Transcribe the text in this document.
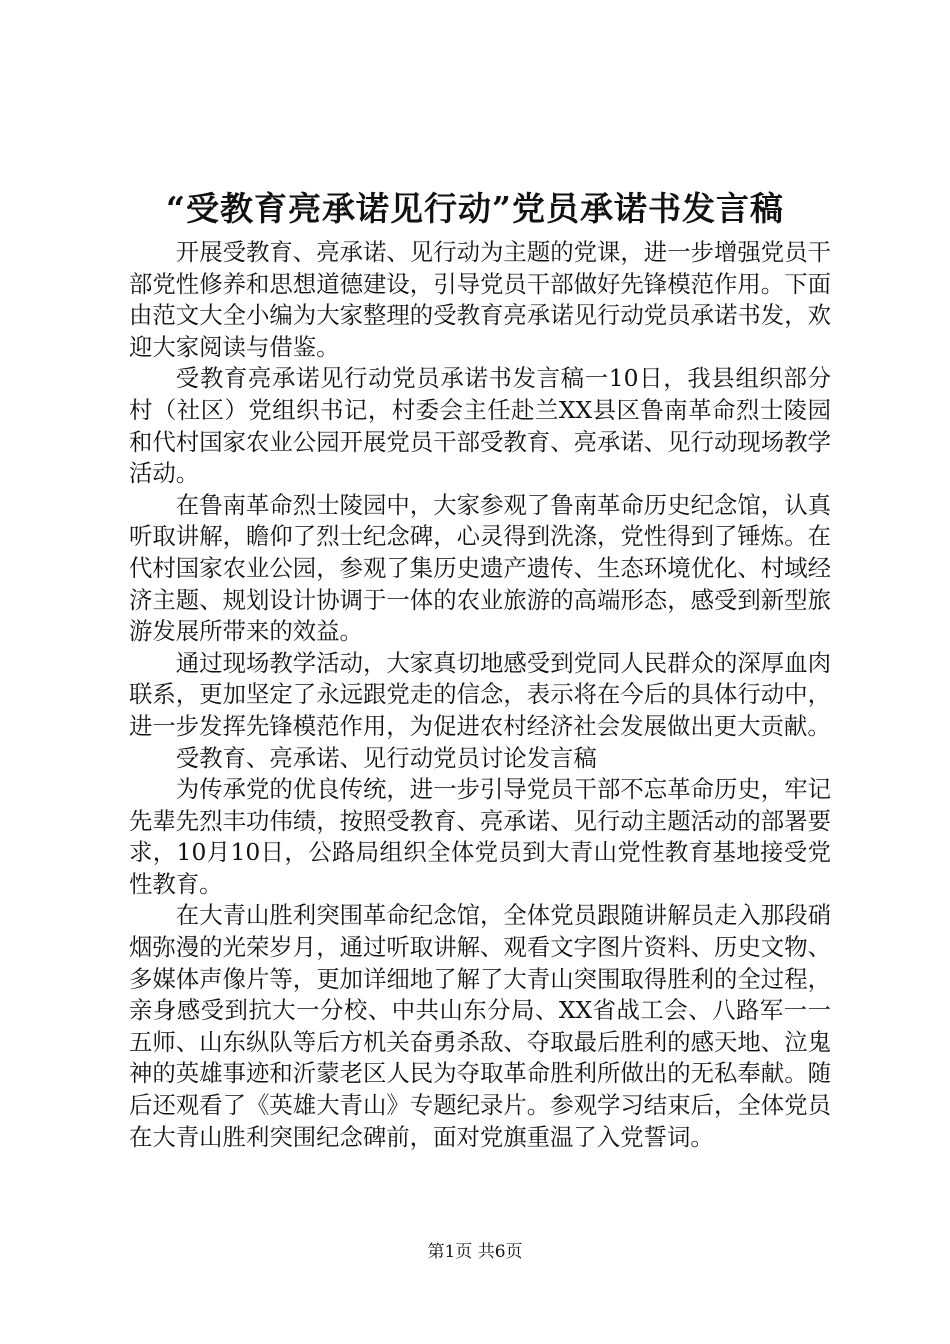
“受教育亮承诺见行动”党员承诺书发言稿

开展受教育、亮承诺、见行动为主题的党课，进一步增强党员干部党性修养和思想道德建设，引导党员干部做好先锋模范作用。下面由范文大全小编为大家整理的受教育亮承诺见行动党员承诺书发，欢迎大家阅读与借鉴。

受教育亮承诺见行动党员承诺书发言稿一10日，我县组织部分村（社区）党组织书记，村委会主任赴兰XX县区鲁南革命烈士陵园和代村国家农业公园开展党员干部受教育、亮承诺、见行动现场教学活动。

在鲁南革命烈士陵园中，大家参观了鲁南革命历史纪念馆，认真听取讲解，瞻仰了烈士纪念碑，心灵得到洗涤，党性得到了锤炼。在代村国家农业公园，参观了集历史遗产遗传、生态环境优化、村域经济主题、规划设计协调于一体的农业旅游的高端形态，感受到新型旅游发展所带来的效益。

通过现场教学活动，大家真切地感受到党同人民群众的深厚血肉联系，更加坚定了永远跟党走的信念，表示将在今后的具体行动中，进一步发挥先锋模范作用，为促进农村经济社会发展做出更大贡献。

受教育、亮承诺、见行动党员讨论发言稿

为传承党的优良传统，进一步引导党员干部不忘革命历史，牢记先辈先烈丰功伟绩，按照受教育、亮承诺、见行动主题活动的部署要求，10月10日，公路局组织全体党员到大青山党性教育基地接受党性教育。

在大青山胜利突围革命纪念馆，全体党员跟随讲解员走入那段硝烟弥漫的光荣岁月，通过听取讲解、观看文字图片资料、历史文物、多媒体声像片等，更加详细地了解了大青山突围取得胜利的全过程，亲身感受到抗大一分校、中共山东分局、XX省战工会、八路军一一五师、山东纵队等后方机关奋勇杀敌、夺取最后胜利的感天地、泣鬼神的英雄事迹和沂蒙老区人民为夺取革命胜利所做出的无私奉献。随后还观看了《英雄大青山》专题纪录片。参观学习结束后，全体党员在大青山胜利突围纪念碑前，面对党旗重温了入党誓词。

第1页 共6页
